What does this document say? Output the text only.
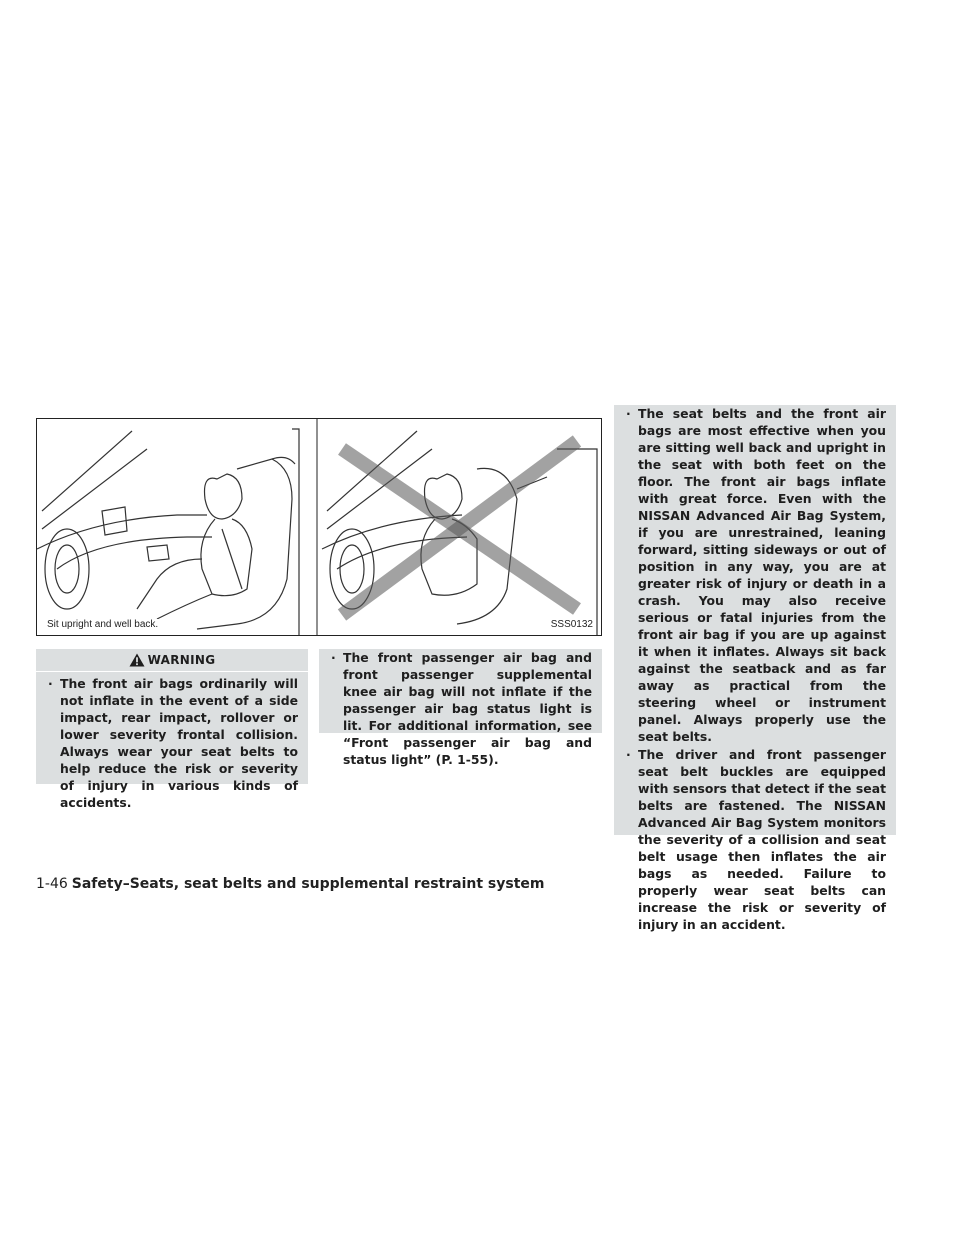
Sit upright and well back.	SSS0132
WARNING
· The front air bags ordinarily will not inflate in the event of a side impact, rear impact, rollover or lower severity frontal collision. Always wear your seat belts to help reduce the risk or severity of injury in various kinds of accidents.
· The front passenger air bag and front passenger supplemental knee air bag will not inflate if the passenger air bag status light is lit. For additional information, see “Front passenger air bag and status light” (P. 1-55).
· The seat belts and the front air bags are most effective when you are sitting well back and upright in the seat with both feet on the floor. The front air bags inflate with great force. Even with the NISSAN Advanced Air Bag System, if you are unrestrained, leaning forward, sitting sideways or out of position in any way, you are at greater risk of injury or death in a crash. You may also receive serious or fatal injuries from the front air bag if you are up against it when it inflates. Always sit back against the seatback and as far away as practical from the steering wheel or instrument panel. Always properly use the seat belts.
· The driver and front passenger seat belt buckles are equipped with sensors that detect if the seat belts are fastened. The NISSAN Advanced Air Bag System monitors the severity of a collision and seat belt usage then inflates the air bags as needed. Failure to properly wear seat belts can increase the risk or severity of injury in an accident.
1-46 Safety–Seats, seat belts and supplemental restraint system
